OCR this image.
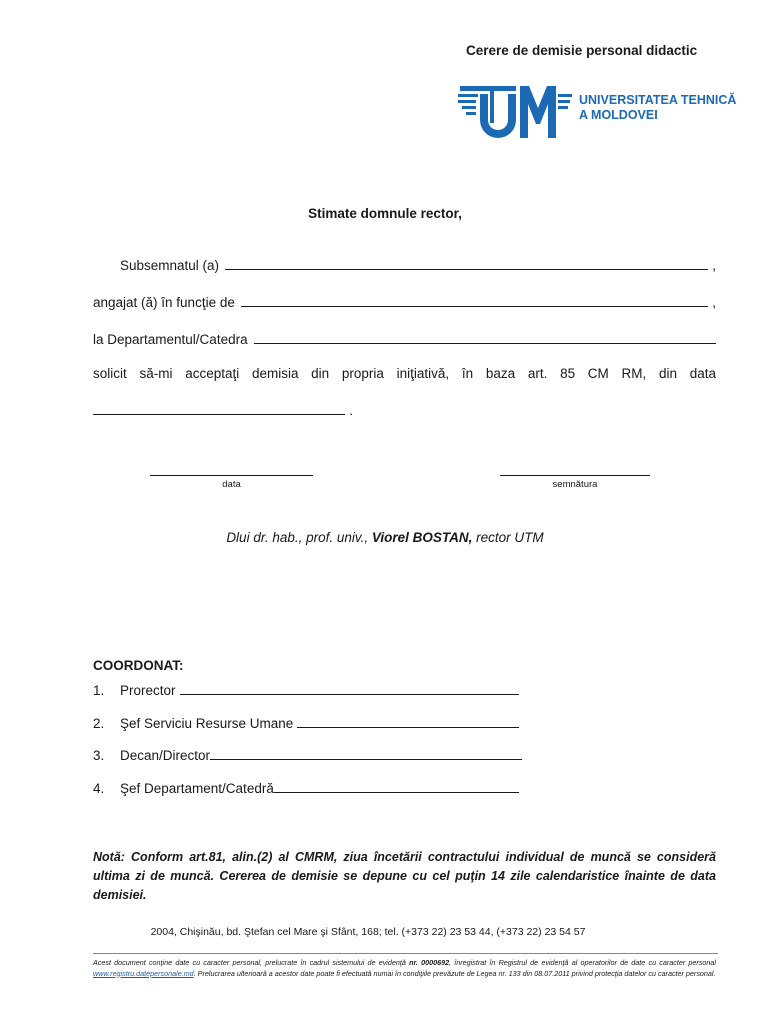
Cerere de demisie personal didactic
UNIVERSITATEA TEHNICĂ
A MOLDOVEI
Stimate domnule rector,
Subsemnatul (a)	,
angajat (ă) în funcţie de	,
la Departamentul/Catedra
solicit să-mi acceptaţi demisia din propria iniţiativă, în baza art. 85 CM RM, din data
.
data	semnătura
Dlui dr. hab., prof. univ., Viorel BOSTAN, rector UTM
COORDONAT:
1.	Prorector
2.	Şef Serviciu Resurse Umane
3.	Decan/Director
4.	Şef Departament/Catedră
Notă: Conform art.81, alin.(2) al CMRM, ziua încetării contractului individual de muncă se consideră ultima zi de muncă. Cererea de demisie se depune cu cel puţin 14 zile calendaristice înainte de data demisiei.
2004, Chişinău, bd. Ştefan cel Mare şi Sfânt, 168; tel. (+373 22) 23 53 44, (+373 22) 23 54 57
Acest document conţine date cu caracter personal, prelucrate în cadrul sistemului de evidenţă nr. 0000692, înregistrat în Registrul de evidenţă al operatorilor de date cu caracter personal www.registru.datepersonale.md. Prelucrarea ulterioară a acestor date poate fi efectuată numai în condiţiile prevăzute de Legea nr. 133 din 08.07.2011 privind protecţia datelor cu caracter personal.
